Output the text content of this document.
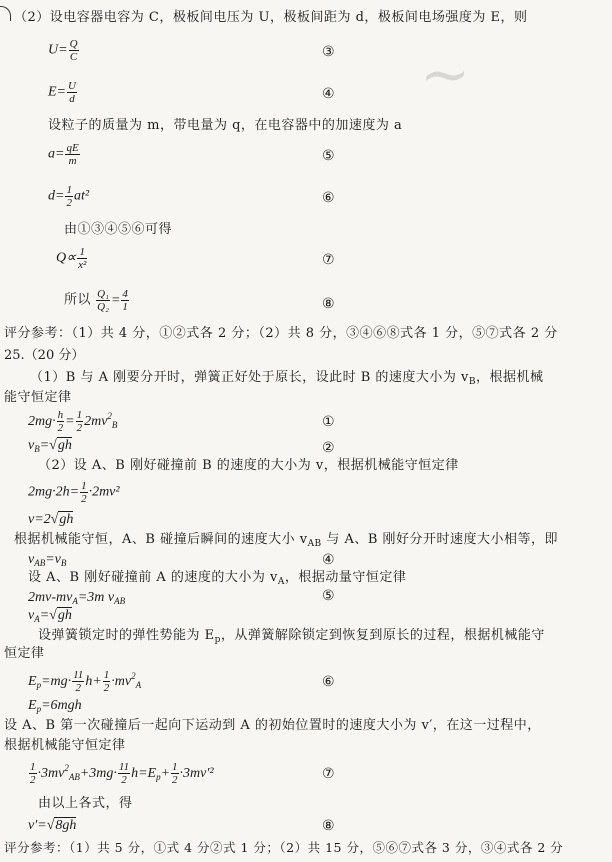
~
（2）设电容器电容为 C，极板间电压为 U，极板间距为 d，极板间电场强度为 E，则
$U= \frac{Q}{C}$	③
$E= \frac{U}{d}$	④
设粒子的质量为 m，带电量为 q，在电容器中的加速度为 a
$a= \frac{qE}{m}$	⑤
$d= \frac{1}{2} at^2$	⑥
由①③④⑤⑥可得
$Q\propto \frac{1}{\text{x²}}$	⑦
所以 $\frac{\text{Q₁}}{\text{Q₂}} = \frac{4}{1}$	⑧
评分参考：（1）共 4 分，①②式各 2 分；（2）共 8 分，③④⑥⑧式各 1 分，⑤⑦式各 2 分
25.（20 分）
（1）B 与 A 刚要分开时，弹簧正好处于原长，设此时 B 的速度大小为 $v_B$，根据机械
能守恒定律
$2mg\cdot \frac{h}{2} = \frac{1}{2} 2mv^2_B$	①
$v_B=√gh$	②
（2）设 A、B 刚好碰撞前 B 的速度的大小为 v，根据机械能守恒定律
$2mg\cdot 2h= \frac{1}{2} \cdot 2mv^2$
v=2√gh
根据机械能守恒，A、B 碰撞后瞬间的速度大小 $v_{AB}$ 与 A、B 刚好分开时速度大小相等，即
$v_{AB}=v_B$	④
设 A、B 刚好碰撞前 A 的速度的大小为 $v_A$，根据动量守恒定律
$2mv-mv_A=3m$ $v_{AB}$	⑤
$v_A=√gh$
设弹簧锁定时的弹性势能为 $E_p$，从弹簧解除锁定到恢复到原长的过程，根据机械能守
恒定律
$E_p=mg\cdot \frac{11}{2} h+ \frac{1}{2} \cdot mv^2_A$	⑥
$E_p=6mgh$
设 A、B 第一次碰撞后一起向下运动到 A 的初始位置时的速度大小为 v′，在这一过程中，
根据机械能守恒定律
$\frac{1}{2} \cdot 3mv^2_{AB}+3mg\cdot \frac{11}{2} h=E_p+ \frac{1}{2} \cdot 3mv'^2$	⑦
由以上各式，得
v′=√8gh	⑧
评分参考：（1）共 5 分，①式 4 分②式 1 分；（2）共 15 分，⑤⑥⑦式各 3 分，③④式各 2 分
